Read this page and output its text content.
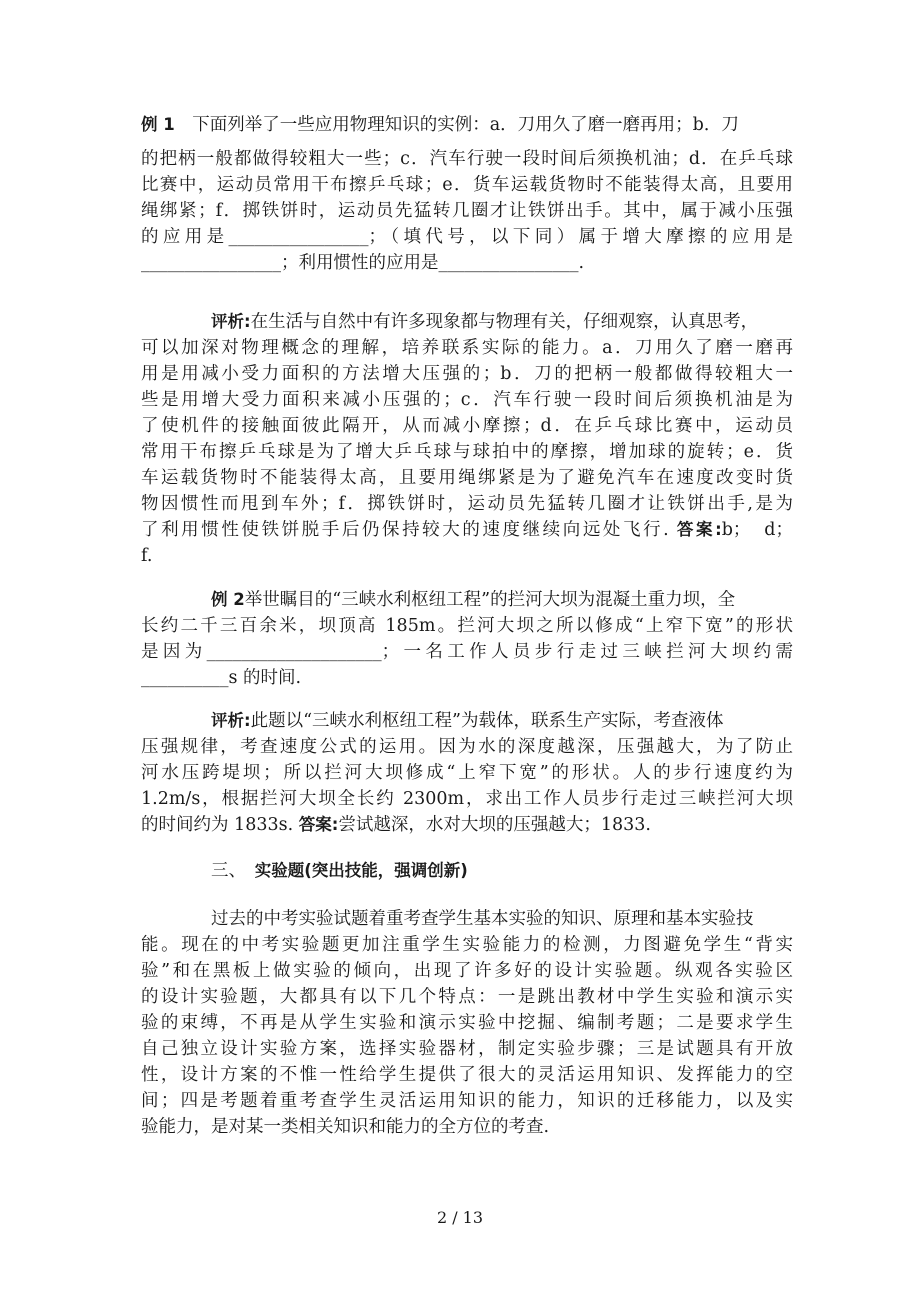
例 1　 下面列举了一些应用物理知识的实例：a．刀用久了磨一磨再用；b．刀
的把柄一般都做得较粗大一些；c．汽车行驶一段时间后须换机油；d．在乒乓球
比赛中，运动员常用干布擦乒乓球；e．货车运载货物时不能装得太高，且要用
绳绑紧；f．掷铁饼时，运动员先猛转几圈才让铁饼出手。其中，属于减小压强
的应用是________________；（填代号，以下同）属于增大摩擦的应用是
________________；利用惯性的应用是________________.
评析:在生活与自然中有许多现象都与物理有关，仔细观察，认真思考，
可以加深对物理概念的理解，培养联系实际的能力。a．刀用久了磨一磨再
用是用减小受力面积的方法增大压强的；b．刀的把柄一般都做得较粗大一
些是用增大受力面积来减小压强的；c．汽车行驶一段时间后须换机油是为
了使机件的接触面彼此隔开，从而减小摩擦；d．在乒乓球比赛中，运动员
常用干布擦乒乓球是为了增大乒乓球与球拍中的摩擦，增加球的旋转；e．货
车运载货物时不能装得太高，且要用绳绑紧是为了避免汽车在速度改变时货
物因惯性而甩到车外；f．掷铁饼时，运动员先猛转几圈才让铁饼出手,是为
了利用惯性使铁饼脱手后仍保持较大的速度继续向远处飞行. 答案:b；　d；
f.
例 2举世瞩目的“三峡水利枢纽工程”的拦河大坝为混凝土重力坝，全
长约二千三百余米，坝顶高 185m。拦河大坝之所以修成“上窄下宽”的形状
是因为____________________；一名工作人员步行走过三峡拦河大坝约需
__________s 的时间.
评析:此题以“三峡水利枢纽工程”为载体，联系生产实际，考查液体
压强规律，考查速度公式的运用。因为水的深度越深，压强越大，为了防止
河水压跨堤坝；所以拦河大坝修成“上窄下宽”的形状。人的步行速度约为
1.2m/s，根据拦河大坝全长约 2300m，求出工作人员步行走过三峡拦河大坝
的时间约为 1833s. 答案:尝试越深，水对大坝的压强越大；1833.
三、　 实验题(突出技能，强调创新)
过去的中考实验试题着重考查学生基本实验的知识、原理和基本实验技
能。现在的中考实验题更加注重学生实验能力的检测，力图避免学生“背实
验”和在黑板上做实验的倾向，出现了许多好的设计实验题。纵观各实验区
的设计实验题，大都具有以下几个特点：一是跳出教材中学生实验和演示实
验的束缚，不再是从学生实验和演示实验中挖掘、编制考题；二是要求学生
自己独立设计实验方案，选择实验器材，制定实验步骤；三是试题具有开放
性，设计方案的不惟一性给学生提供了很大的灵活运用知识、发挥能力的空
间；四是考题着重考查学生灵活运用知识的能力，知识的迁移能力，以及实
验能力，是对某一类相关知识和能力的全方位的考查.
2 / 13
